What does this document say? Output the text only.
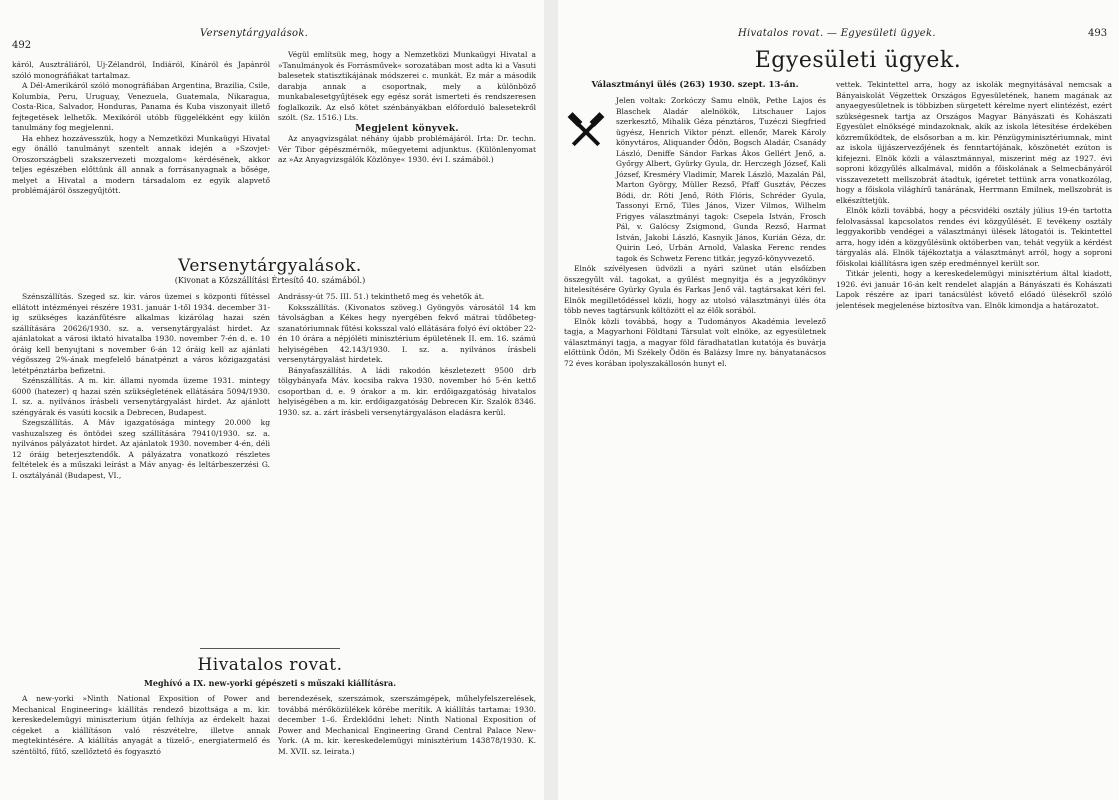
492
Versenytárgyalások.

káról, Ausztráliáról, Uj-Zélandról, Indiáról, Kínáról és Japánról szóló monográfiákat tartalmaz.

A Dél-Amerikáról szóló monográfiában Argentina, Brazilia, Csile, Kolumbia, Peru, Uruguay, Venezuela, Guatemala, Nikaragua, Costa-Rica, Salvador, Honduras, Panama és Kuba viszonyait illető fejtegetések lelhetők. Mexikóról utóbb függelékként egy külön tanulmány fog megjelenni.

Ha ehhez hozzávesszük, hogy a Nemzetközi Munkaügyi Hivatal egy önálló tanulmányt szentelt annak idején a »Szovjet-Oroszországbeli szakszervezeti mozgalom« kérdésének, akkor teljes egészében előttünk áll annak a forrásanyagnak a bősége, melyet a Hivatal a modern társadalom ez egyik alapvető problémájáról összegyűjtött.

Végül említsük meg, hogy a Nemzetközi Munkaügyi Hivatal a »Tanulmányok és Forrásművek« sorozatában most adta ki a Vasuti balesetek statisztikájának módszerei c. munkát. Ez már a második darabja annak a csoportnak, mely a különböző munkabalesetgyűjtések egy egész sorát ismerteti és rendszeresen foglalkozik. Az első kötet szénbányákban előforduló balesetekről szólt. (Sz. 1516.) Lts.

Megjelent könyvek.

Az anyagvizsgálat néhány újabb problémájáról. Irta: Dr. techn. Vér Tibor gépészmérnök, műegyetemi adjunktus. (Különlenyomat az »Az Anyagvizsgálók Közlönye« 1930. évi I. számából.)

Versenytárgyalások.
(Kivonat a Közszállítási Értesítő 40. számából.)

Szénszállítás. Szeged sz. kir. város üzemei s központi fűtéssel ellátott intézményei részére 1931. január 1-től 1934. december 31-ig szükséges kazánfűtésre alkalmas kizárólag hazai szén szállítására 20626/1930. sz. a. versenytárgyalást hirdet. Az ajánlatokat a városi iktató hivatalba 1930. november 7-én d. e. 10 óráig kell benyujtani s november 6-án 12 óráig kell az ajánlati végösszeg 2%-ának megfelelő bánatpénzt a város közigazgatási letétpénztárba befizetni.

Szénszállítás. A m. kir. állami nyomda üzeme 1931. mintegy 6000 (hatezer) q hazai szén szükségletének ellátására 5094/1930. I. sz. a. nyilvános írásbeli versenytárgyalást hirdet. Az ajánlott széngyárak és vasúti kocsik a Debrecen, Budapest.

Szegszállítás. A Máv igazgatósága mintegy 20.000 kg vashuzalszeg és öntödei szeg szállítására 79410/1930. sz. a. nyilvános pályázatot hirdet. Az ajánlatok 1930. november 4-én, déli 12 óráig beterjesztendők. A pályázatra vonatkozó részletes feltételek és a műszaki leírást a Máv anyag- és leltárbeszerzési G. I. osztályánál (Budapest, VI.,

Andrássy-út 75. III. 51.) tekinthető meg és vehetők át.

Koksszállítás. (Kivonatos szöveg.) Gyöngyös városától 14 km távolságban a Kékes hegy nyergében fekvő mátrai tüdőbeteg-szanatóriumnak fűtési koksszal való ellátására folyó évi október 22-én 10 órára a népjóléti minisztérium épületének II. em. 16. számú helyiségében 42.143/1930. I. sz. a. nyilvános írásbeli versenytárgyalást hirdetek.

Bányafaszállítás. A ládi rakodón készletezett 9500 drb tölgybányafa Máv. kocsiba rakva 1930. november hó 5-én kettő csoportban d. e. 9 órakor a m. kir. erdőigazgatóság hivatalos helyiségében a m. kir. erdőigazgatóság Debrecen Kir. Szalók 8346. 1930. sz. a. zárt írásbeli versenytárgyaláson eladásra kerül.

Hivatalos rovat.
Meghívó a IX. new-yorki gépészeti s műszaki kiállításra.

A new-yorki »Ninth National Exposition of Power and Mechanical Engineering« kiállítás rendező bizottsága a m. kir. kereskedelemügyi miniszterium útján felhívja az érdekelt hazai cégeket a kiállításon való részvételre, illetve annak megtekintésére. A kiállítás anyagát a tüzelő-, energiatermelő és széntöltő, fűtő, szellőztető és fogyasztó

berendezések, szerszámok, szerszámgépek, műhelyfelszerelések, továbbá mérőközülékek körébe merítik. A kiállítás tartama: 1930. december 1–6. Érdeklődni lehet: Ninth National Exposition of Power and Mechanical Engineering Grand Central Palace New-York. (A m. kir. kereskedelemügyi minisztérium 143878/1930. K. M. XVII. sz. leirata.)

Hivatalos rovat. — Egyesületi ügyek.	493
Egyesületi ügyek.
Választmányi ülés (263) 1930. szept. 13-án.

Jelen voltak: Zorkóczy Samu elnök, Pethe Lajos és Blaschek Aladár alelnökök, Litschauer Lajos szerkesztő, Mihalik Géza pénztáros, Tuzéczi Siegfried ügyész, Henrich Viktor pénzt. ellenőr, Marek Károly könyvtáros, Aliquander Ödön, Bogsch Aladár, Csanády László, Deniffe Sándor Farkas Ákos Gellért Jenő, a. Győrgy Albert, Gyürky Gyula, dr. Herczegh József, Kali József, Kresméry Vladimír, Marek László, Mazalán Pál, Marton György, Müller Rezső, Pfaff Gusztáv, Péczes Bódi, dr. Röti Jenő, Róth Flóris, Schréder Gyula, Tassonyi Ernő, Tiles János, Vizer Vilmos, Wilhelm Frigyes választmányi tagok: Csepela István, Frosch Pál, v. Galócsy Zsigmond, Gunda Rezső, Harmat István, Jakobi László, Kasnyik János, Kurián Géza, dr. Quirin Leó, Urbán Arnold, Valaska Ferenc rendes tagok és Schwetz Ferenc titkár, jegyző-könyvvezető.

Elnök szívélyesen üdvözli a nyári szünet után elsőízben összegyűlt vál. tagokat, a gyűlést megnyitja és a jegyzőkönyv hitelesítésére Gyürky Gyula és Farkas Jenő vál. tagtársakat kéri fel. Elnök megilletődéssel közli, hogy az utolsó választmányi ülés óta több neves tagtársunk költözött el az élők sorából.

Elnök közli továbbá, hogy a Tudományos Akadémia levelező tagja, a Magyarhoni Földtani Társulat volt elnöke, az egyesületnek választmányi tagja, a magyar föld fáradhatatlan kutatója és buvárja előttünk Ödön, Mi Székely Ödön és Balázsy Imre ny. bányatanácsos 72 éves korában ipolyszakállosón hunyt el.

vettek. Tekintettel arra, hogy az iskolák megnyitásával nemcsak a Bányaiskolát Végzettek Országos Egyesületének, hanem magának az anyaegyesületnek is többizben sürgetett kérelme nyert elintézést, ezért szükségesnek tartja az Országos Magyar Bányászati és Kohászati Egyesület elnökségé mindazoknak, akik az iskola létesítése érdekében közreműködtek, de elsősorban a m. kir. Pénzügyminisztériumnak, mint az iskola üjjászervezőjének és fenntartójának, köszönetét ezúton is kifejezni. Elnök közli a választmánnyal, miszerint még az 1927. évi soproni közgyűlés alkalmával, midőn a főiskolának a Selmecbányáról visszavezetett mellszobrát átadtuk, igéretet tettünk arra vonatkozólag, hogy a főiskola világhírű tanárának, Herrmann Emilnek, mellszobrát is elkészíttetjük.

Elnök közli továbbá, hogy a pécsvidéki osztály július 19-én tartotta felolvasással kapcsolatos rendes évi közgyűlését. E tevékeny osztály leggyakoribb vendégei a választmányi ülések látogatói is. Tekintettel arra, hogy idén a közgyűlésünk októberben van, tehát vegyük a kérdést tárgyalás alá. Elnök tájékoztatja a választmányt arról, hogy a soproni főiskolai kiállításra igen szép eredménnyel került sor.

Titkár jelenti, hogy a kereskedelemügyi minisztérium által kiadott, 1926. évi január 16-án kelt rendelet alapján a Bányászati és Kohászati Lapok részére az ipari tanácsülést követő előadó ülésekről szóló jelentések megjelenése biztosítva van. Elnök kimondja a határozatot.
